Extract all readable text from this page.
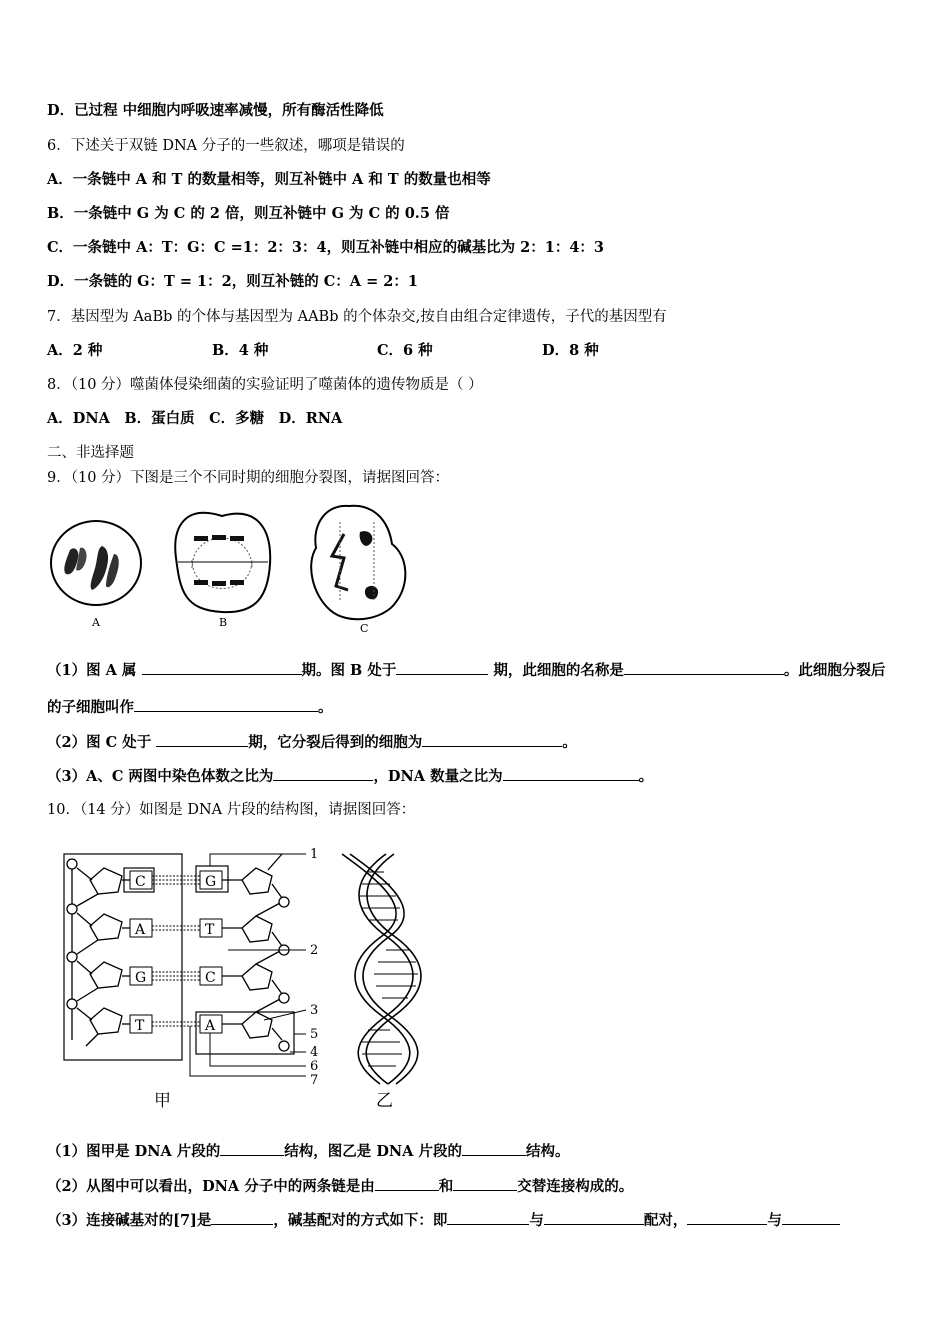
D．已过程 中细胞内呼吸速率减慢，所有酶活性降低
6．下述关于双链 DNA 分子的一些叙述，哪项是错误的
A．一条链中 A 和 T 的数量相等，则互补链中 A 和 T 的数量也相等
B．一条链中 G 为 C 的 2 倍，则互补链中 G 为 C 的 0.5 倍
C．一条链中 A：T：G：C =1：2：3：4，则互补链中相应的碱基比为 2：1：4：3
D．一条链的 G：T = 1：2，则互补链的 C：A = 2：1
7．基因型为 AaBb 的个体与基因型为 AABb 的个体杂交,按自由组合定律遗传，子代的基因型有
A．2 种	B．4 种	C．6 种	D．8 种
8．（10 分）噬菌体侵染细菌的实验证明了噬菌体的遗传物质是（ ）
A．DNA　B．蛋白质　C．多糖　D．RNA
二、非选择题
9．（10 分）下图是三个不同时期的细胞分裂图，请据图回答：
A	B	C
（1）图 A 属	期。图 B 处于	期，此细胞的名称是	。此细胞分裂后
的子细胞叫作	。
（2）图 C 处于	期，它分裂后得到的细胞为	。
（3）A、C 两图中染色体数之比为	，DNA 数量之比为	。
10．（14 分）如图是 DNA 片段的结构图，请据图回答：
C
A
G
T
G
T
C
A
1
2
3
5
4
6
7
甲	乙
（1）图甲是 DNA 片段的	结构，图乙是 DNA 片段的	结构。
（2）从图中可以看出，DNA 分子中的两条链是由	和	交替连接构成的。
（3）连接碱基对的[7]是	，碱基配对的方式如下：即	与	配对，	与
